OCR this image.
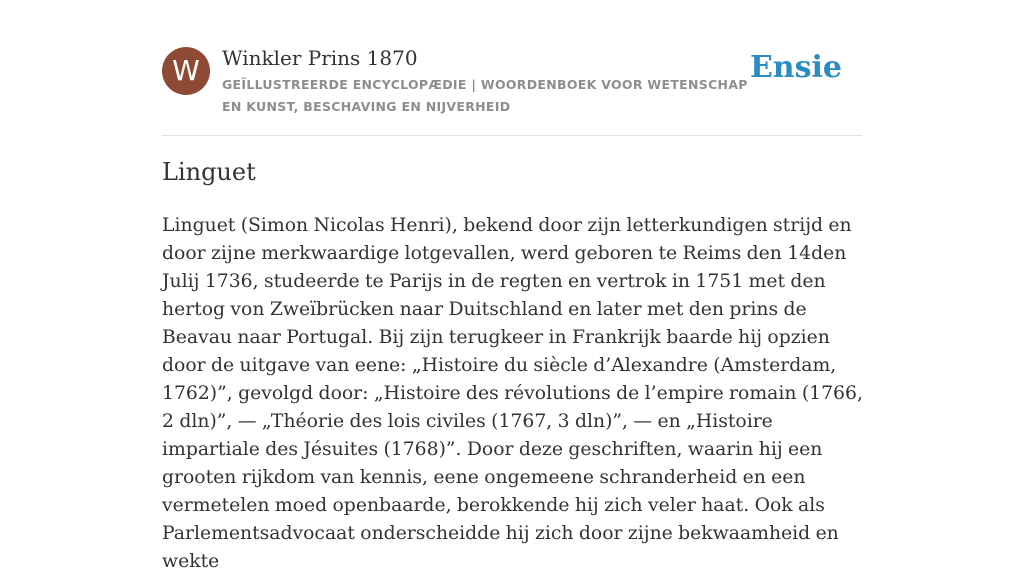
W	Winkler Prins 1870
GEÏLLUSTREERDE ENCYCLOPÆDIE | WOORDENBOEK VOOR WETENSCHAP EN KUNST, BESCHAVING EN NIJVERHEID
Ensie
Linguet

Linguet (Simon Nicolas Henri), bekend door zijn letterkundigen strijd en door zijne merkwaardige lotgevallen, werd geboren te Reims den 14den Julij 1736, studeerde te Parijs in de regten en vertrok in 1751 met den hertog von Zweïbrücken naar Duitschland en later met den prins de Beavau naar Portugal. Bij zijn terugkeer in Frankrijk baarde hij opzien door de uitgave van eene: „Histoire du siècle d’Alexandre (Amsterdam, 1762)”, gevolgd door: „Histoire des révolutions de l’empire romain (1766, 2 dln)”, — „Théorie des lois civiles (1767, 3 dln)”, — en „Histoire impartiale des Jésuites (1768)”. Door deze geschriften, waarin hij een grooten rijkdom van kennis, eene ongemeene schranderheid en een vermetelen moed openbaarde, berokkende hij zich veler haat. Ook als Parlementsadvocaat onderscheidde hij zich door zijne bekwaamheid en wekte
